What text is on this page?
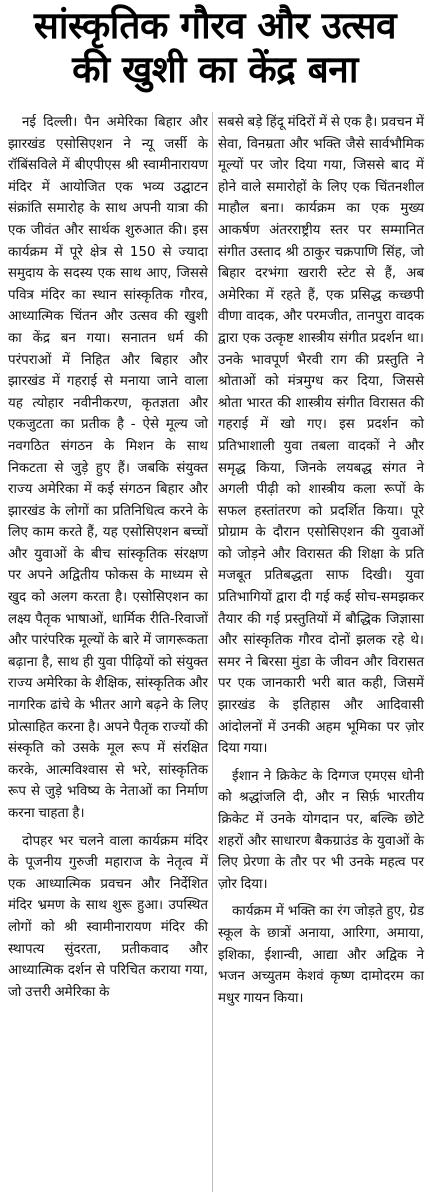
सांस्कृतिक गौरव और उत्सव
की खुशी का केंद्र बना

नई दिल्ली। पैन अमेरिका बिहार और झारखंड एसोसिएशन ने न्यू जर्सी के रॉबिंसविले में बीएपीएस श्री स्वामीनारायण मंदिर में आयोजित एक भव्य उद्घाटन संक्रांति समारोह के साथ अपनी यात्रा की एक जीवंत और सार्थक शुरुआत की। इस कार्यक्रम में पूरे क्षेत्र से 150 से ज्यादा समुदाय के सदस्य एक साथ आए, जिससे पवित्र मंदिर का स्थान सांस्कृतिक गौरव, आध्यात्मिक चिंतन और उत्सव की खुशी का केंद्र बन गया। सनातन धर्म की परंपराओं में निहित और बिहार और झारखंड में गहराई से मनाया जाने वाला यह त्योहार नवीनीकरण, कृतज्ञता और एकजुटता का प्रतीक है - ऐसे मूल्य जो नवगठित संगठन के मिशन के साथ निकटता से जुड़े हुए हैं। जबकि संयुक्त राज्य अमेरिका में कई संगठन बिहार और झारखंड के लोगों का प्रतिनिधित्व करने के लिए काम करते हैं, यह एसोसिएशन बच्चों और युवाओं के बीच सांस्कृतिक संरक्षण पर अपने अद्वितीय फोकस के माध्यम से खुद को अलग करता है। एसोसिएशन का लक्ष्य पैतृक भाषाओं, धार्मिक रीति-रिवाजों और पारंपरिक मूल्यों के बारे में जागरूकता बढ़ाना है, साथ ही युवा पीढ़ियों को संयुक्त राज्य अमेरिका के शैक्षिक, सांस्कृतिक और नागरिक ढांचे के भीतर आगे बढ़ने के लिए प्रोत्साहित करना है। अपने पैतृक राज्यों की संस्कृति को उसके मूल रूप में संरक्षित करके, आत्मविश्वास से भरे, सांस्कृतिक रूप से जुड़े भविष्य के नेताओं का निर्माण करना चाहता है।

दोपहर भर चलने वाला कार्यक्रम मंदिर के पूजनीय गुरुजी महाराज के नेतृत्व में एक आध्यात्मिक प्रवचन और निर्देशित मंदिर भ्रमण के साथ शुरू हुआ। उपस्थित लोगों को श्री स्वामीनारायण मंदिर की स्थापत्य सुंदरता, प्रतीकवाद और आध्यात्मिक दर्शन से परिचित कराया गया, जो उत्तरी अमेरिका के

सबसे बड़े हिंदू मंदिरों में से एक है। प्रवचन में सेवा, विनम्रता और भक्ति जैसे सार्वभौमिक मूल्यों पर जोर दिया गया, जिससे बाद में होने वाले समारोहों के लिए एक चिंतनशील माहौल बना। कार्यक्रम का एक मुख्य आकर्षण अंतरराष्ट्रीय स्तर पर सम्मानित संगीत उस्ताद श्री ठाकुर चक्रपाणि सिंह, जो बिहार दरभंगा खरारी स्टेट से हैं, अब अमेरिका में रहते हैं, एक प्रसिद्ध कच्छपी वीणा वादक, और परमजीत, तानपुरा वादक द्वारा एक उत्कृष्ट शास्त्रीय संगीत प्रदर्शन था। उनके भावपूर्ण भैरवी राग की प्रस्तुति ने श्रोताओं को मंत्रमुग्ध कर दिया, जिससे श्रोता भारत की शास्त्रीय संगीत विरासत की गहराई में खो गए। इस प्रदर्शन को प्रतिभाशाली युवा तबला वादकों ने और समृद्ध किया, जिनके लयबद्ध संगत ने अगली पीढ़ी को शास्त्रीय कला रूपों के सफल हस्तांतरण को प्रदर्शित किया। पूरे प्रोग्राम के दौरान एसोसिएशन की युवाओं को जोड़ने और विरासत की शिक्षा के प्रति मजबूत प्रतिबद्धता साफ दिखी। युवा प्रतिभागियों द्वारा दी गई कई सोच-समझकर तैयार की गई प्रस्तुतियों में बौद्धिक जिज्ञासा और सांस्कृतिक गौरव दोनों झलक रहे थे। समर ने बिरसा मुंडा के जीवन और विरासत पर एक जानकारी भरी बात कही, जिसमें झारखंड के इतिहास और आदिवासी आंदोलनों में उनकी अहम भूमिका पर ज़ोर दिया गया।

ईशान ने क्रिकेट के दिग्गज एमएस धोनी को श्रद्धांजलि दी, और न सिर्फ़ भारतीय क्रिकेट में उनके योगदान पर, बल्कि छोटे शहरों और साधारण बैकग्राउंड के युवाओं के लिए प्रेरणा के तौर पर भी उनके महत्व पर ज़ोर दिया।

कार्यक्रम में भक्ति का रंग जोड़ते हुए, ग्रेड स्कूल के छात्रों अनाया, आरिगा, अमाया, इशिका, ईशान्वी, आद्या और अद्विक ने भजन अच्युतम केशवं कृष्ण दामोदरम का मधुर गायन किया।
